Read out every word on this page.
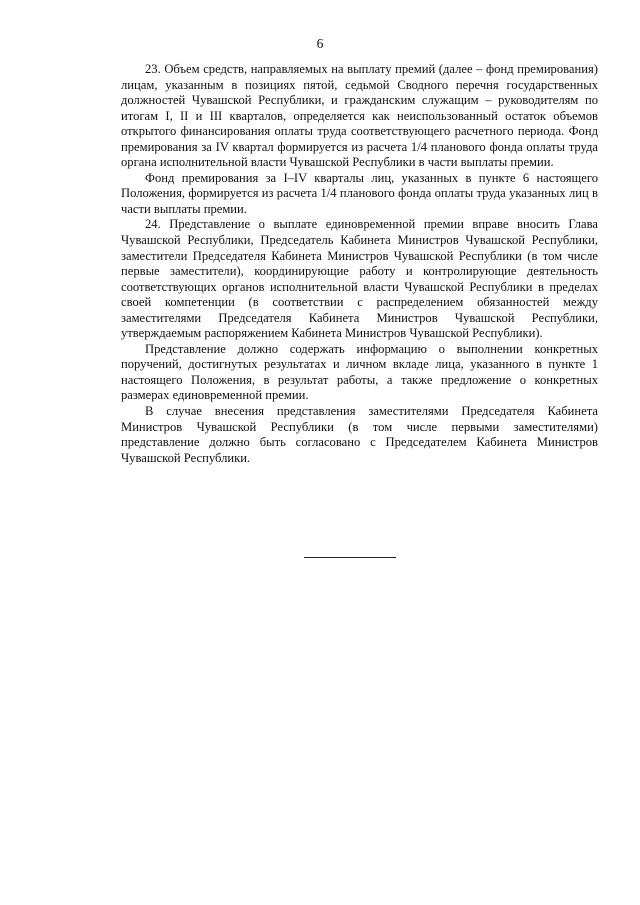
6

23. Объем средств, направляемых на выплату премий (далее – фонд премирования) лицам, указанным в позициях пятой, седьмой Сводного перечня государственных должностей Чувашской Республики, и гражданским служащим – руководителям по итогам I, II и III кварталов, определяется как неиспользованный остаток объемов открытого финансирования оплаты труда соответствующего расчетного периода. Фонд премирования за IV квартал формируется из расчета 1/4 планового фонда оплаты труда органа исполнительной власти Чувашской Республики в части выплаты премии.

Фонд премирования за I–IV кварталы лиц, указанных в пункте 6 настоящего Положения, формируется из расчета 1/4 планового фонда оплаты труда указанных лиц в части выплаты премии.

24. Представление о выплате единовременной премии вправе вносить Глава Чувашской Республики, Председатель Кабинета Министров Чувашской Республики, заместители Председателя Кабинета Министров Чувашской Республики (в том числе первые заместители), координирующие работу и контролирующие деятельность соответствующих органов исполнительной власти Чувашской Республики в пределах своей компетенции (в соответствии с распределением обязанностей между заместителями Председателя Кабинета Министров Чувашской Республики, утверждаемым распоряжением Кабинета Министров Чувашской Республики).

Представление должно содержать информацию о выполнении конкретных поручений, достигнутых результатах и личном вкладе лица, указанного в пункте 1 настоящего Положения, в результат работы, а также предложение о конкретных размерах единовременной премии.

В случае внесения представления заместителями Председателя Кабинета Министров Чувашской Республики (в том числе первыми заместителями) представление должно быть согласовано с Председателем Кабинета Министров Чувашской Республики.
